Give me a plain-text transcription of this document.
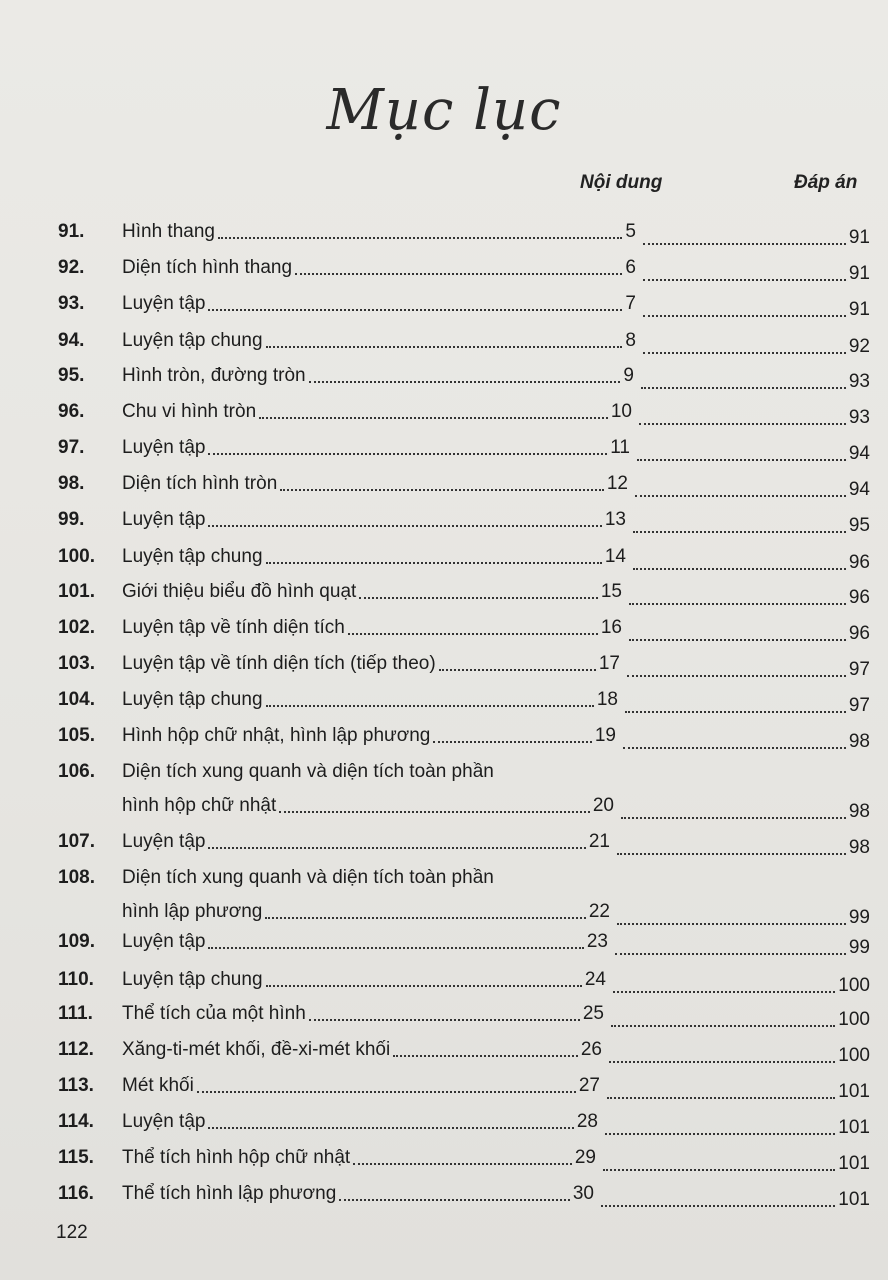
Mục lục
Nội dung	Đáp án
91.	Hình thang	5	91
92.	Diện tích hình thang	6	91
93.	Luyện tập	7	91
94.	Luyện tập chung	8	92
95.	Hình tròn, đường tròn	9	93
96.	Chu vi hình tròn	10	93
97.	Luyện tập	11	94
98.	Diện tích hình tròn	12	94
99.	Luyện tập	13	95
100.	Luyện tập chung	14	96
101.	Giới thiệu biểu đồ hình quạt	15	96
102.	Luyện tập về tính diện tích	16	96
103.	Luyện tập về tính diện tích (tiếp theo)	17	97
104.	Luyện tập chung	18	97
105.	Hình hộp chữ nhật, hình lập phương	19	98
106.	Diện tích xung quanh và diện tích toàn phần
hình hộp chữ nhật	20	98
107.	Luyện tập	21	98
108.	Diện tích xung quanh và diện tích toàn phần
hình lập phương	22	99
109.	Luyện tập	23	99
110.	Luyện tập chung	24	100
111.	Thể tích của một hình	25	100
112.	Xăng-ti-mét khối, đề-xi-mét khối	26	100
113.	Mét khối	27	101
114.	Luyện tập	28	101
115.	Thể tích hình hộp chữ nhật	29	101
116.	Thể tích hình lập phương	30	101
122
